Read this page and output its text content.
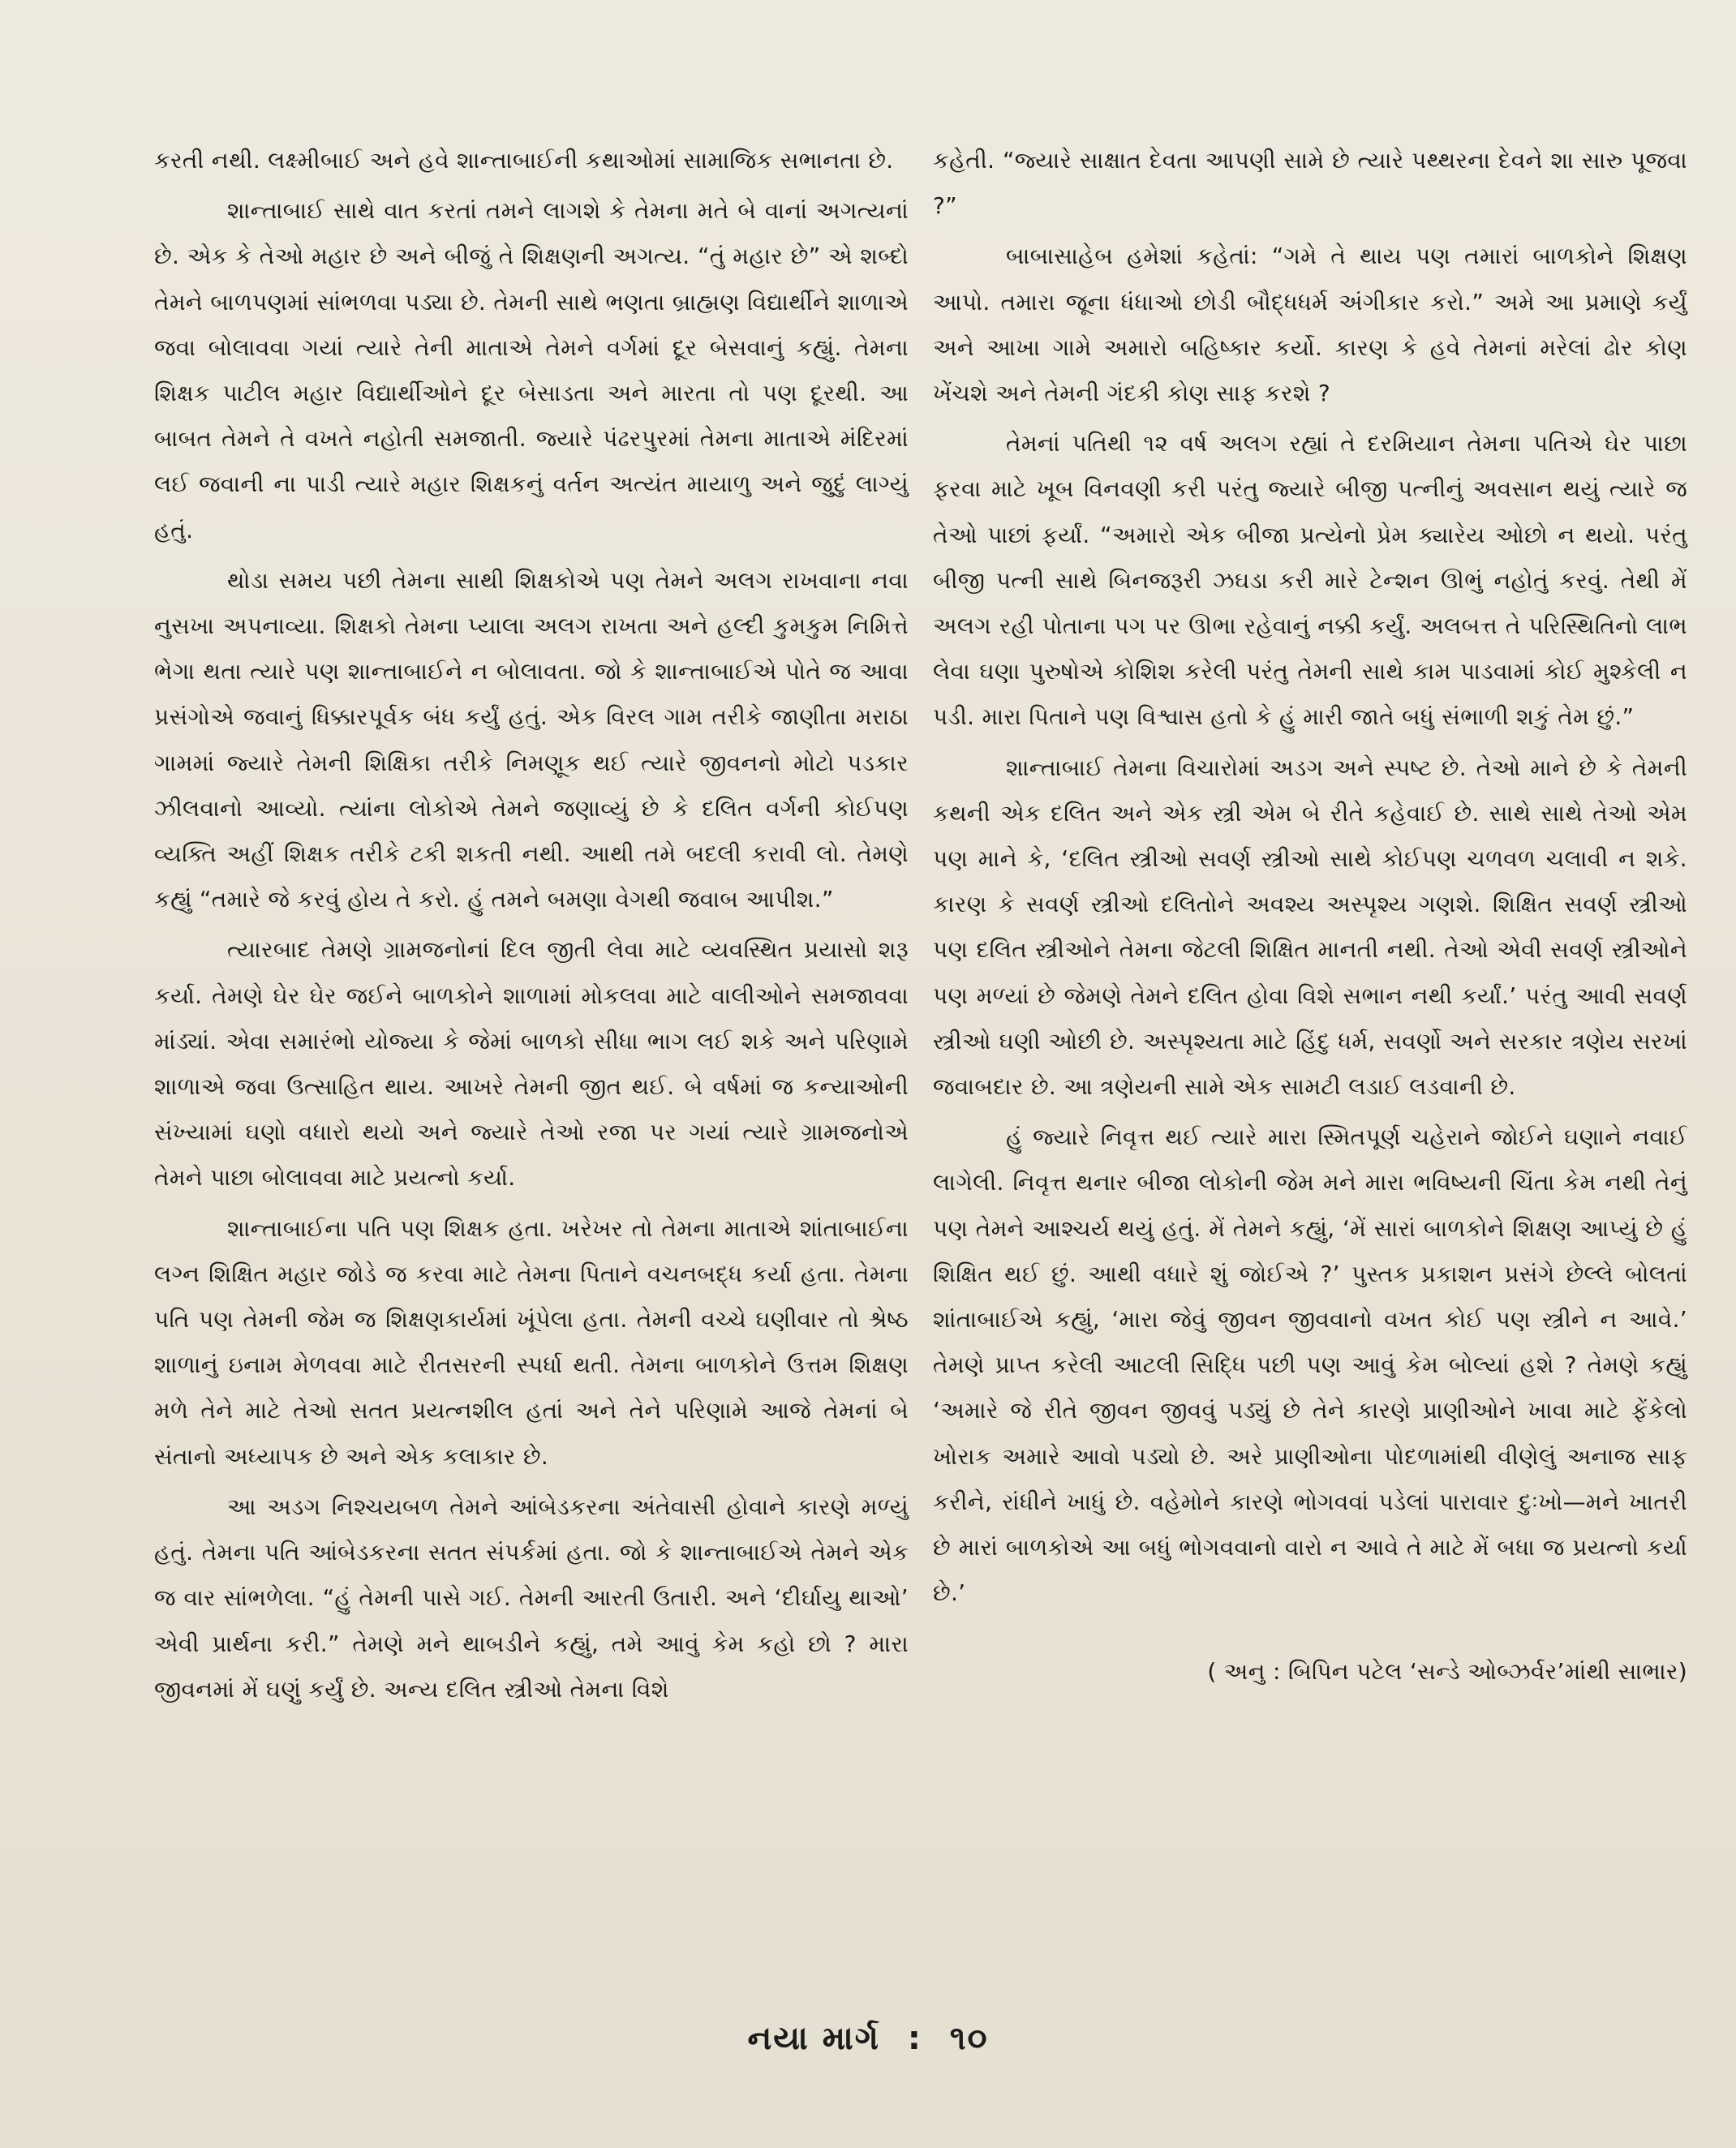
કરતી નથી. લક્ષ્મીબાઈ અને હવે શાન્તાબાઈની કથાઓમાં સામાજિક સભાનતા છે.

શાન્તાબાઈ સાથે વાત કરતાં તમને લાગશે કે તેમના મતે બે વાનાં અગત્યનાં છે. એક કે તેઓ મહાર છે અને બીજું તે શિક્ષણની અગત્ય. “તું મહાર છે” એ શબ્દો તેમને બાળપણમાં સાંભળવા પડ્યા છે. તેમની સાથે ભણતા બ્રાહ્મણ વિદ્યાર્થીને શાળાએ જવા બોલાવવા ગયાં ત્યારે તેની માતાએ તેમને વર્ગમાં દૂર બેસવાનું કહ્યું. તેમના શિક્ષક પાટીલ મહાર વિદ્યાર્થીઓને દૂર બેસાડતા અને મારતા તો પણ દૂરથી. આ બાબત તેમને તે વખતે નહોતી સમજાતી. જ્યારે પંઢરપુરમાં તેમના માતાએ મંદિરમાં લઈ જવાની ના પાડી ત્યારે મહાર શિક્ષકનું વર્તન અત્યંત માયાળુ અને જુદું લાગ્યું હતું.

થોડા સમય પછી તેમના સાથી શિક્ષકોએ પણ તેમને અલગ રાખવાના નવા નુસખા અપનાવ્યા. શિક્ષકો તેમના પ્યાલા અલગ રાખતા અને હલ્દી કુમકુમ નિમિત્તે ભેગા થતા ત્યારે પણ શાન્તાબાઈને ન બોલાવતા. જો કે શાન્તાબાઈએ પોતે જ આવા પ્રસંગોએ જવાનું ધિક્કારપૂર્વક બંધ કર્યું હતું. એક વિરલ ગામ તરીકે જાણીતા મરાઠા ગામમાં જ્યારે તેમની શિક્ષિકા તરીકે નિમણૂક થઈ ત્યારે જીવનનો મોટો પડકાર ઝીલવાનો આવ્યો. ત્યાંના લોકોએ તેમને જણાવ્યું છે કે દલિત વર્ગની કોઈપણ વ્યક્તિ અહીં શિક્ષક તરીકે ટકી શકતી નથી. આથી તમે બદલી કરાવી લો. તેમણે કહ્યું “તમારે જે કરવું હોય તે કરો. હું તમને બમણા વેગથી જવાબ આપીશ.”

ત્યારબાદ તેમણે ગ્રામજનોનાં દિલ જીતી લેવા માટે વ્યવસ્થિત પ્રયાસો શરૂ કર્યા. તેમણે ઘેર ઘેર જઈને બાળકોને શાળામાં મોકલવા માટે વાલીઓને સમજાવવા માંડ્યાં. એવા સમારંભો યોજ્યા કે જેમાં બાળકો સીધા ભાગ લઈ શકે અને પરિણામે શાળાએ જવા ઉત્સાહિત થાય. આખરે તેમની જીત થઈ. બે વર્ષમાં જ કન્યાઓની સંખ્યામાં ઘણો વધારો થયો અને જ્યારે તેઓ રજા પર ગયાં ત્યારે ગ્રામજનોએ તેમને પાછા બોલાવવા માટે પ્રયત્નો કર્યા.

શાન્તાબાઈના પતિ પણ શિક્ષક હતા. ખરેખર તો તેમના માતાએ શાંતાબાઈના લગ્ન શિક્ષિત મહાર જોડે જ કરવા માટે તેમના પિતાને વચનબદ્ધ કર્યા હતા. તેમના પતિ પણ તેમની જેમ જ શિક્ષણકાર્યમાં ખૂંપેલા હતા. તેમની વચ્ચે ઘણીવાર તો શ્રેષ્ઠ શાળાનું ઇનામ મેળવવા માટે રીતસરની સ્પર્ધા થતી. તેમના બાળકોને ઉત્તમ શિક્ષણ મળે તેને માટે તેઓ સતત પ્રયત્નશીલ હતાં અને તેને પરિણામે આજે તેમનાં બે સંતાનો અધ્યાપક છે અને એક કલાકાર છે.

આ અડગ નિશ્ચયબળ તેમને આંબેડકરના અંતેવાસી હોવાને કારણે મળ્યું હતું. તેમના પતિ આંબેડકરના સતત સંપર્કમાં હતા. જો કે શાન્તાબાઈએ તેમને એક જ વાર સાંભળેલા. “હું તેમની પાસે ગઈ. તેમની આરતી ઉતારી. અને ‘દીર્ઘાયુ થાઓ’ એવી પ્રાર્થના કરી.” તેમણે મને થાબડીને કહ્યું, તમે આવું કેમ કહો છો ? મારા જીવનમાં મેં ઘણું કર્યું છે. અન્ય દલિત સ્ત્રીઓ તેમના વિશે

કહેતી. “જ્યારે સાક્ષાત દેવતા આપણી સામે છે ત્યારે પથ્થરના દેવને શા સારુ પૂજવા ?”

બાબાસાહેબ હમેશાં કહેતાં: “ગમે તે થાય પણ તમારાં બાળકોને શિક્ષણ આપો. તમારા જૂના ધંધાઓ છોડી બૌદ્ધધર્મ અંગીકાર કરો.” અમે આ પ્રમાણે કર્યું અને આખા ગામે અમારો બહિષ્કાર કર્યો. કારણ કે હવે તેમનાં મરેલાં ઢોર કોણ ખેંચશે અને તેમની ગંદકી કોણ સાફ કરશે ?

તેમનાં પતિથી ૧૨ વર્ષ અલગ રહ્યાં તે દરમિયાન તેમના પતિએ ઘેર પાછા ફરવા માટે ખૂબ વિનવણી કરી પરંતુ જ્યારે બીજી પત્નીનું અવસાન થયું ત્યારે જ તેઓ પાછાં ફર્યાં. “અમારો એક બીજા પ્રત્યેનો પ્રેમ ક્યારેય ઓછો ન થયો. પરંતુ બીજી પત્ની સાથે બિનજરૂરી ઝઘડા કરી મારે ટેન્શન ઊભું નહોતું કરવું. તેથી મેં અલગ રહી પોતાના પગ પર ઊભા રહેવાનું નક્કી કર્યું. અલબત્ત તે પરિસ્થિતિનો લાભ લેવા ઘણા પુરુષોએ કોશિશ કરેલી પરંતુ તેમની સાથે કામ પાડવામાં કોઈ મુશ્કેલી ન પડી. મારા પિતાને પણ વિશ્વાસ હતો કે હું મારી જાતે બધું સંભાળી શકું તેમ છું.”

શાન્તાબાઈ તેમના વિચારોમાં અડગ અને સ્પષ્ટ છે. તેઓ માને છે કે તેમની કથની એક દલિત અને એક સ્ત્રી એમ બે રીતે કહેવાઈ છે. સાથે સાથે તેઓ એમ પણ માને કે, ‘દલિત સ્ત્રીઓ સવર્ણ સ્ત્રીઓ સાથે કોઈપણ ચળવળ ચલાવી ન શકે. કારણ કે સવર્ણ સ્ત્રીઓ દલિતોને અવશ્ય અસ્પૃશ્ય ગણશે. શિક્ષિત સવર્ણ સ્ત્રીઓ પણ દલિત સ્ત્રીઓને તેમના જેટલી શિક્ષિત માનતી નથી. તેઓ એવી સવર્ણ સ્ત્રીઓને પણ મળ્યાં છે જેમણે તેમને દલિત હોવા વિશે સભાન નથી કર્યાં.’ પરંતુ આવી સવર્ણ સ્ત્રીઓ ઘણી ઓછી છે. અસ્પૃશ્યતા માટે હિંદુ ધર્મ, સવર્ણો અને સરકાર ત્રણેય સરખાં જવાબદાર છે. આ ત્રણેયની સામે એક સામટી લડાઈ લડવાની છે.

હું જ્યારે નિવૃત્ત થઈ ત્યારે મારા સ્મિતપૂર્ણ ચહેરાને જોઈને ઘણાને નવાઈ લાગેલી. નિવૃત્ત થનાર બીજા લોકોની જેમ મને મારા ભવિષ્યની ચિંતા કેમ નથી તેનું પણ તેમને આશ્ચર્ય થયું હતું. મેં તેમને કહ્યું, ‘મેં સારાં બાળકોને શિક્ષણ આપ્યું છે હું શિક્ષિત થઈ છું. આથી વધારે શું જોઈએ ?’ પુસ્તક પ્રકાશન પ્રસંગે છેલ્લે બોલતાં શાંતાબાઈએ કહ્યું, ‘મારા જેવું જીવન જીવવાનો વખત કોઈ પણ સ્ત્રીને ન આવે.’ તેમણે પ્રાપ્ત કરેલી આટલી સિદ્ધિ પછી પણ આવું કેમ બોલ્યાં હશે ? તેમણે કહ્યું ‘અમારે જે રીતે જીવન જીવવું પડ્યું છે તેને કારણે પ્રાણીઓને ખાવા માટે ફેંકેલો ખોરાક અમારે આવો પડ્યો છે. અરે પ્રાણીઓના પોદળામાંથી વીણેલું અનાજ સાફ કરીને, રાંધીને ખાધું છે. વહેમોને કારણે ભોગવવાં પડેલાં પારાવાર દુઃખો—મને ખાતરી છે મારાં બાળકોએ આ બધું ભોગવવાનો વારો ન આવે તે માટે મેં બધા જ પ્રયત્નો કર્યા છે.’

( અનુ : બિપિન પટેલ ‘સન્ડે ઓબ્ઝર્વર’માંથી સાભાર)

નયા માર્ગ : ૧૦
